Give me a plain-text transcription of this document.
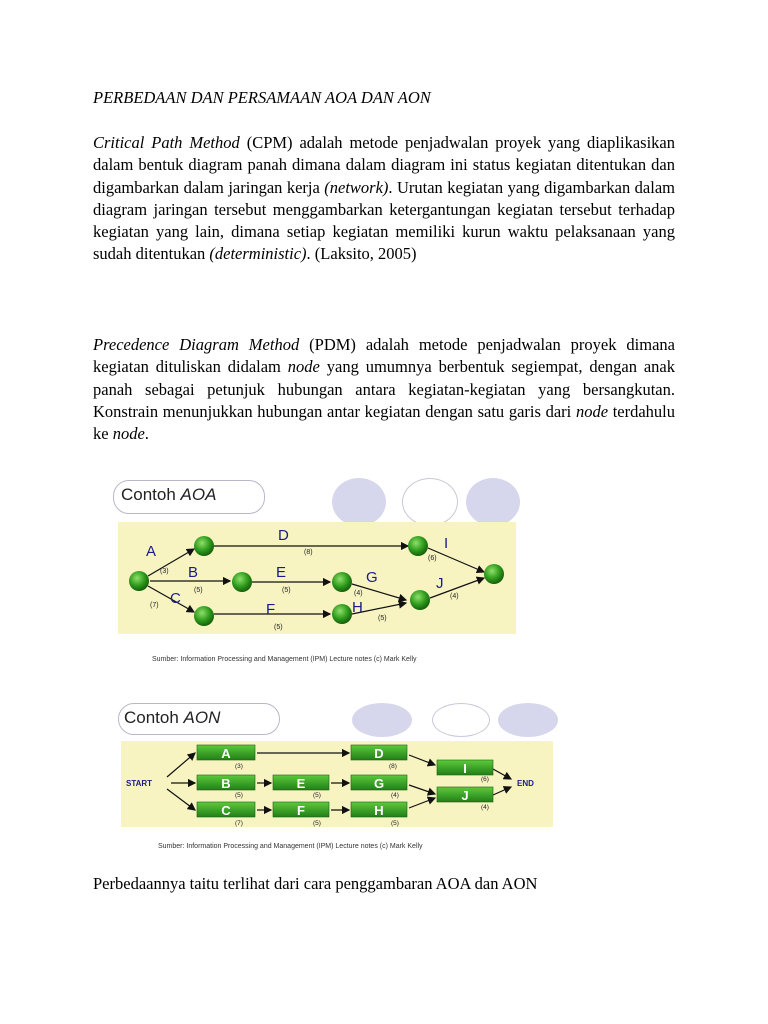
PERBEDAAN DAN PERSAMAAN AOA DAN AON

Critical Path Method (CPM) adalah metode penjadwalan proyek yang diaplikasikan dalam bentuk diagram panah dimana dalam diagram ini status kegiatan ditentukan dan digambarkan dalam jaringan kerja (network). Urutan kegiatan yang digambarkan dalam diagram jaringan tersebut menggambarkan ketergantungan kegiatan tersebut terhadap kegiatan yang lain, dimana setiap kegiatan memiliki kurun waktu pelaksanaan yang sudah ditentukan (deterministic). (Laksito, 2005)

Precedence Diagram Method (PDM) adalah metode penjadwalan proyek dimana kegiatan dituliskan didalam node yang umumnya berbentuk segiempat, dengan anak panah sebagai petunjuk hubungan antara kegiatan-kegiatan yang bersangkutan. Konstrain menunjukkan hubungan antar kegiatan dengan satu garis dari node terdahulu ke node.

Contoh AOA
A
B
C
D
E
F
G
H
I
J
(3)
(5)
(7)
(8)
(5)
(5)
(4)
(5)
(6)
(4)
Sumber: Information Processing and Management (IPM) Lecture notes (c) Mark Kelly
Contoh AON
A
B
C
E
F
D
G
H
I
J
(3)
(5)
(7)
(5)
(5)
(8)
(4)
(5)
(6)
(4)
START	END
Sumber: Information Processing and Management (IPM) Lecture notes (c) Mark Kelly
Perbedaannya taitu terlihat dari cara penggambaran AOA dan AON
